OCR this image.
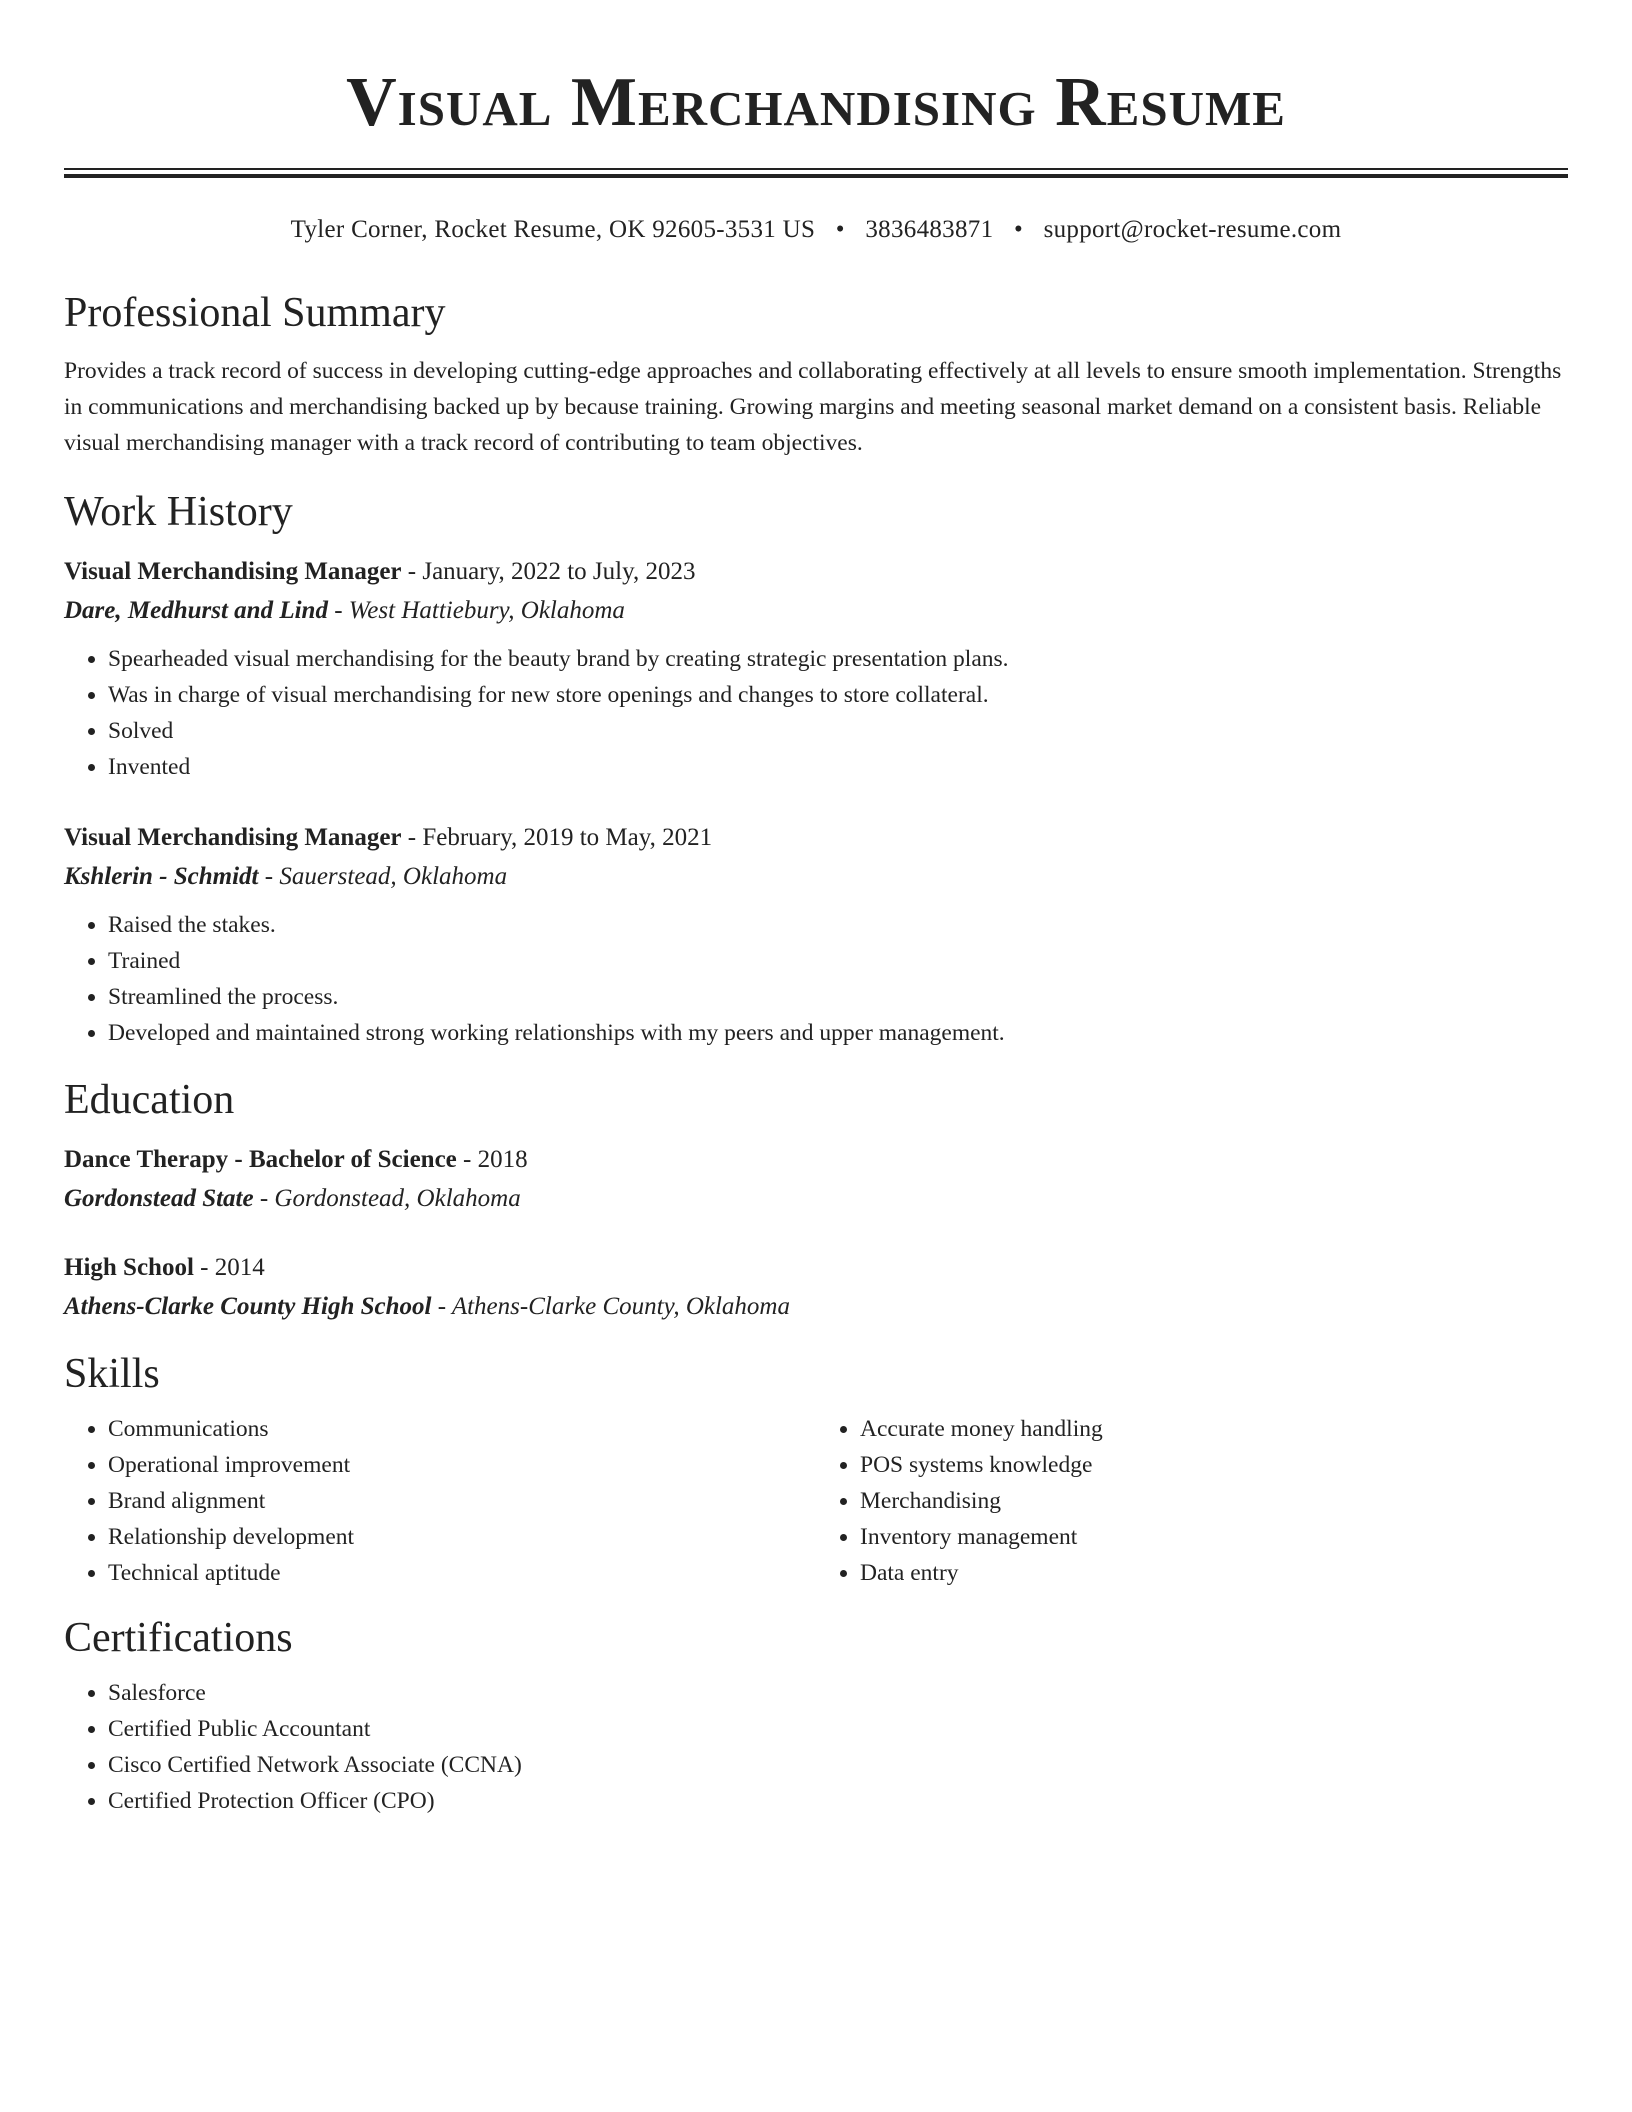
Visual Merchandising Resume
Tyler Corner, Rocket Resume, OK 92605-3531 US • 3836483871 • support@rocket-resume.com
Professional Summary
Provides a track record of success in developing cutting-edge approaches and collaborating effectively at all levels to ensure smooth implementation. Strengths in communications and merchandising backed up by because training. Growing margins and meeting seasonal market demand on a consistent basis. Reliable visual merchandising manager with a track record of contributing to team objectives.
Work History
Visual Merchandising Manager - January, 2022 to July, 2023
Dare, Medhurst and Lind - West Hattiebury, Oklahoma
• Spearheaded visual merchandising for the beauty brand by creating strategic presentation plans.
• Was in charge of visual merchandising for new store openings and changes to store collateral.
• Solved
• Invented
Visual Merchandising Manager - February, 2019 to May, 2021
Kshlerin - Schmidt - Sauerstead, Oklahoma
• Raised the stakes.
• Trained
• Streamlined the process.
• Developed and maintained strong working relationships with my peers and upper management.
Education
Dance Therapy - Bachelor of Science - 2018
Gordonstead State - Gordonstead, Oklahoma
High School - 2014
Athens-Clarke County High School - Athens-Clarke County, Oklahoma
Skills
• Communications
• Operational improvement
• Brand alignment
• Relationship development
• Technical aptitude
• Accurate money handling
• POS systems knowledge
• Merchandising
• Inventory management
• Data entry
Certifications
• Salesforce
• Certified Public Accountant
• Cisco Certified Network Associate (CCNA)
• Certified Protection Officer (CPO)
